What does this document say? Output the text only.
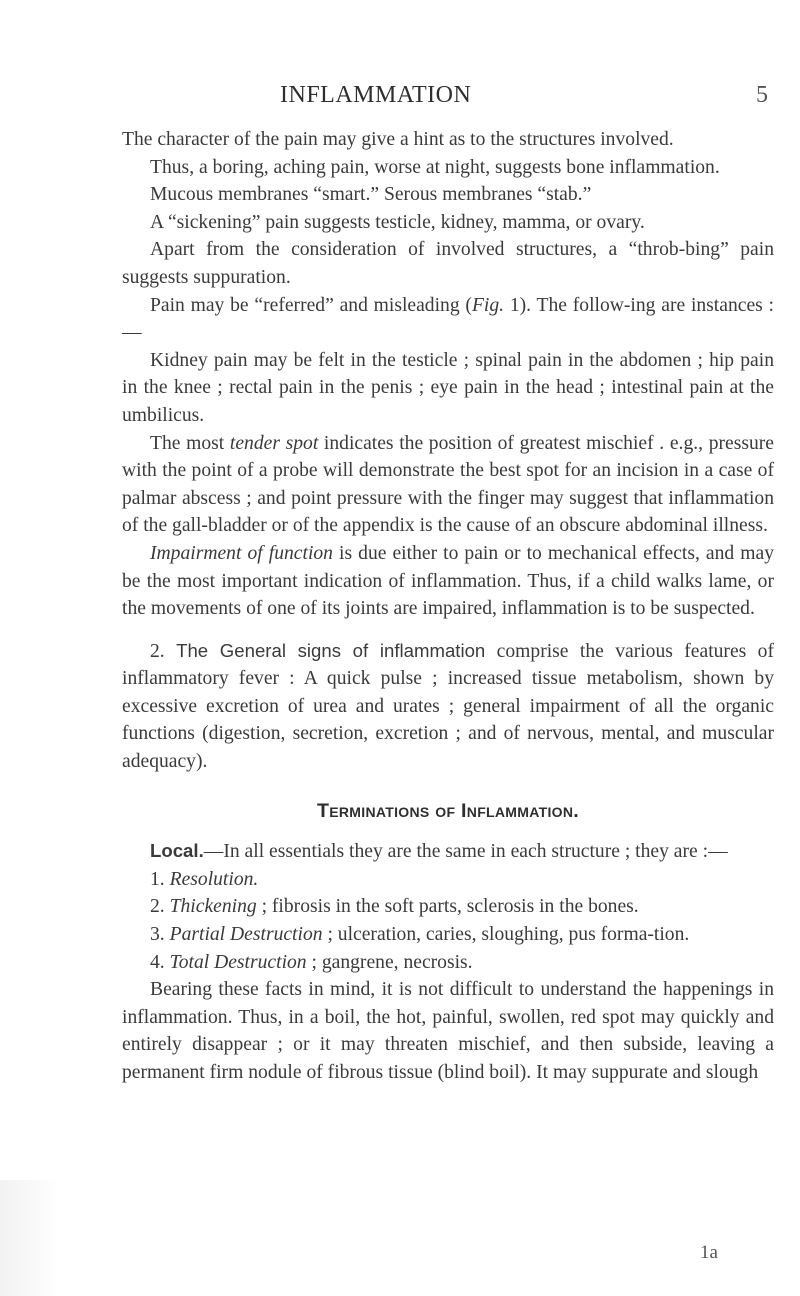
INFLAMMATION	5

The character of the pain may give a hint as to the structures involved.

Thus, a boring, aching pain, worse at night, suggests bone inflammation.

Mucous membranes “smart.” Serous membranes “stab.”

A “sickening” pain suggests testicle, kidney, mamma, or ovary.

Apart from the consideration of involved structures, a “throb-bing” pain suggests suppuration.

Pain may be “referred” and misleading (Fig. 1). The follow-ing are instances :—

Kidney pain may be felt in the testicle ; spinal pain in the abdomen ; hip pain in the knee ; rectal pain in the penis ; eye pain in the head ; intestinal pain at the umbilicus.

The most tender spot indicates the position of greatest mischief . e.g., pressure with the point of a probe will demonstrate the best spot for an incision in a case of palmar abscess ; and point pressure with the finger may suggest that inflammation of the gall-bladder or of the appendix is the cause of an obscure abdominal illness.

Impairment of function is due either to pain or to mechanical effects, and may be the most important indication of inflammation. Thus, if a child walks lame, or the movements of one of its joints are impaired, inflammation is to be suspected.

2. The General signs of inflammation comprise the various features of inflammatory fever : A quick pulse ; increased tissue metabolism, shown by excessive excretion of urea and urates ; general impairment of all the organic functions (digestion, secretion, excretion ; and of nervous, mental, and muscular adequacy).

Terminations of Inflammation.

Local.—In all essentials they are the same in each structure ; they are :—

1. Resolution.

2. Thickening ; fibrosis in the soft parts, sclerosis in the bones.

3. Partial Destruction ; ulceration, caries, sloughing, pus forma-tion.

4. Total Destruction ; gangrene, necrosis.

Bearing these facts in mind, it is not difficult to understand the happenings in inflammation. Thus, in a boil, the hot, painful, swollen, red spot may quickly and entirely disappear ; or it may threaten mischief, and then subside, leaving a permanent firm nodule of fibrous tissue (blind boil). It may suppurate and slough

1a
